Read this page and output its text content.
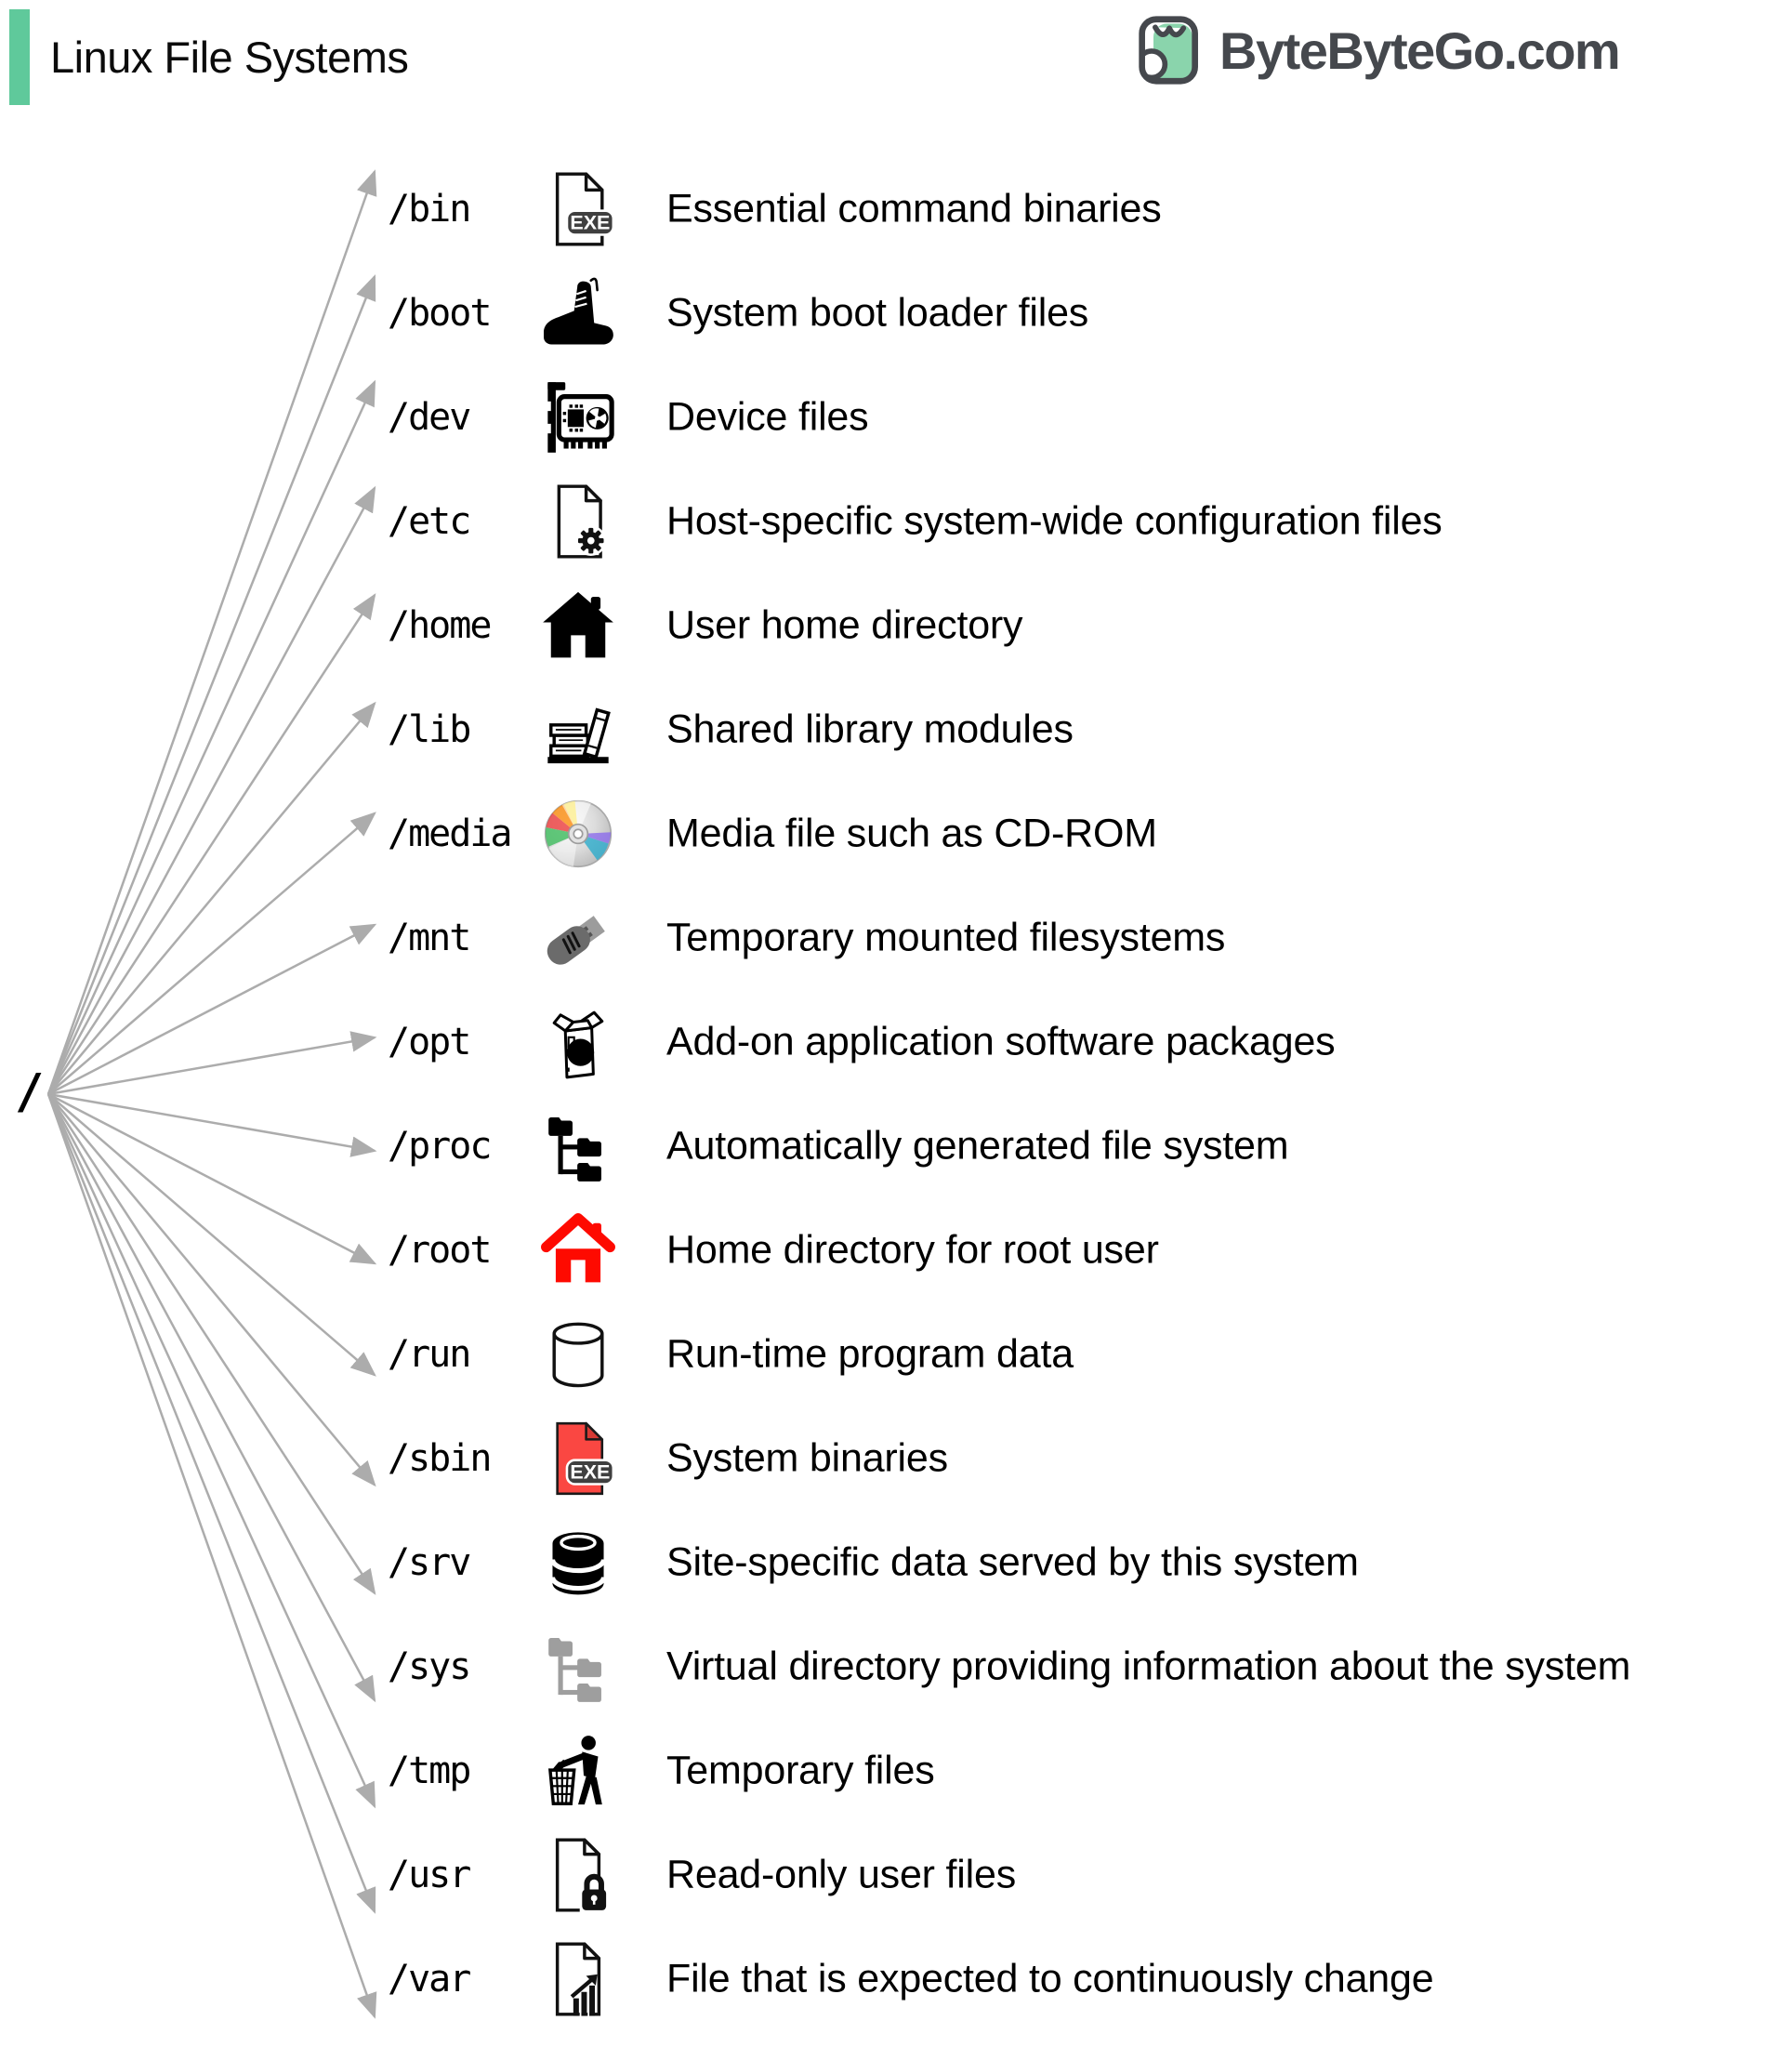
Linux File Systems	ByteByteGo.com
/
/bin	Essential command binaries
/boot	System boot loader files
/dev	Device files
/etc	Host-specific system-wide configuration files
/home	User home directory
/lib	Shared library modules
/media	Media file such as CD-ROM
/mnt	Temporary mounted filesystems
/opt	Add-on application software packages
/proc	Automatically generated file system
/root	Home directory for root user
/run	Run-time program data
/sbin	System binaries
/srv	Site-specific data served by this system
/sys	Virtual directory providing information about the system
/tmp	Temporary files
/usr	Read-only user files
/var	File that is expected to continuously change
